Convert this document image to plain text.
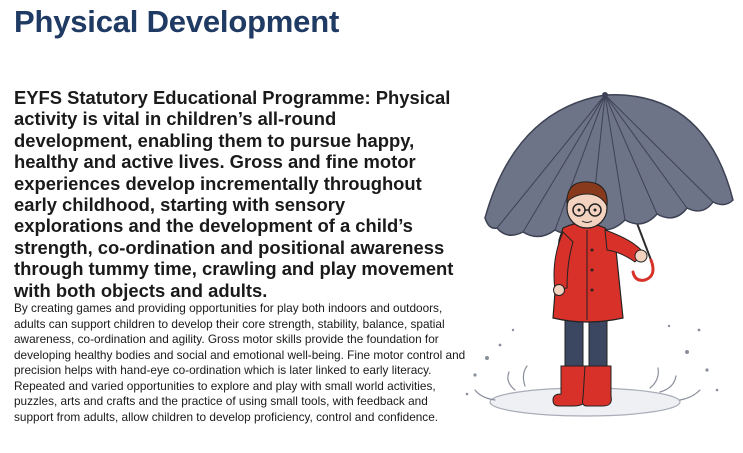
Physical Development

EYFS Statutory Educational Programme: Physical activity is vital in children’s all-round development, enabling them to pursue happy, healthy and active lives. Gross and fine motor experiences develop incrementally throughout early childhood, starting with sensory explorations and the development of a child’s strength, co-ordination and positional awareness through tummy time, crawling and play movement with both objects and adults.

By creating games and providing opportunities for play both indoors and outdoors, adults can support children to develop their core strength, stability, balance, spatial awareness, co-ordination and agility. Gross motor skills provide the foundation for developing healthy bodies and social and emotional well-being. Fine motor control and precision helps with hand-eye co-ordination which is later linked to early literacy. Repeated and varied opportunities to explore and play with small world activities, puzzles, arts and crafts and the practice of using small tools, with feedback and support from adults, allow children to develop proficiency, control and confidence.
